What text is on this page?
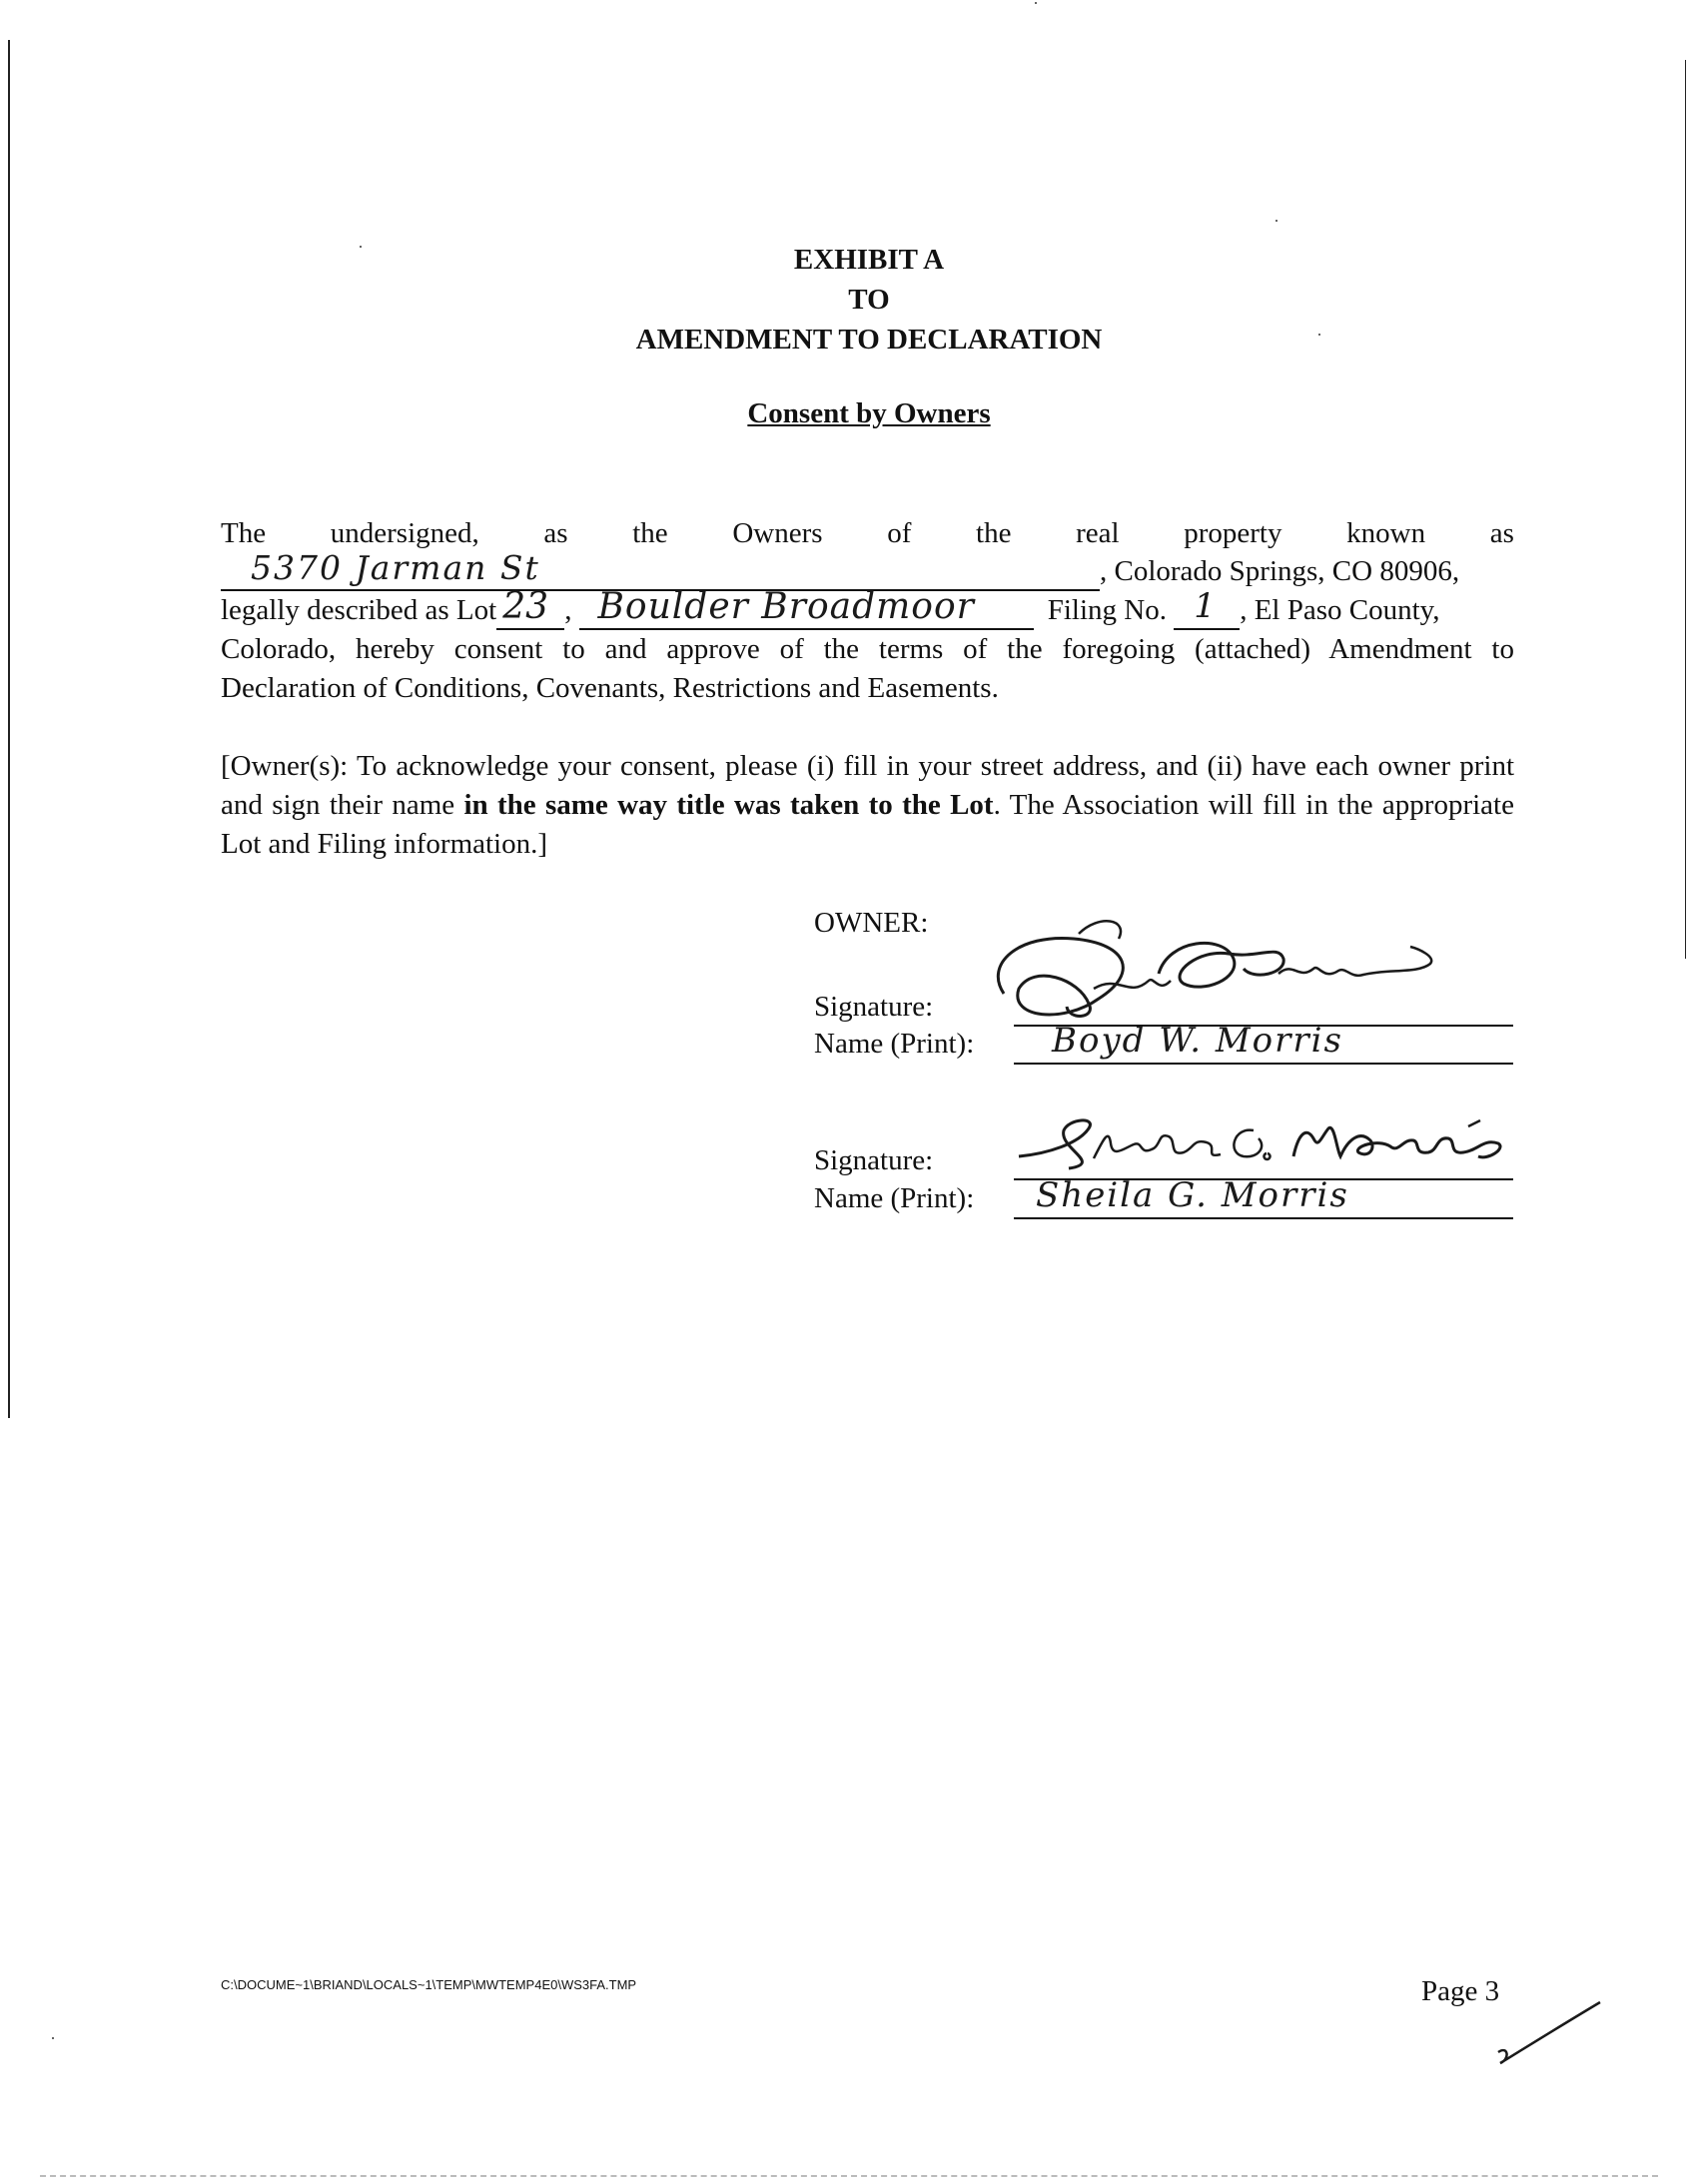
EXHIBIT A
TO
AMENDMENT TO DECLARATION
Consent by Owners
The undersigned, as the Owners of the real property known as
5370 Jarman St	, Colorado Springs, CO 80906,
legally described as Lot 23 , Boulder Broadmoor	Filing No. 1 , El Paso County,
Colorado, hereby consent to and approve of the terms of the foregoing (attached) Amendment to
Declaration of Conditions, Covenants, Restrictions and Easements.
[Owner(s): To acknowledge your consent, please (i) fill in your street address, and (ii) have each owner print and sign their name in the same way title was taken to the Lot. The Association will fill in the appropriate Lot and Filing information.]
OWNER:
Signature:
Name (Print):	Boyd W. Morris
Signature:
Name (Print):	Sheila G. Morris
C:\DOCUME~1\BRIAND\LOCALS~1\TEMP\MWTEMP4E0\WS3FA.TMP	Page 3
